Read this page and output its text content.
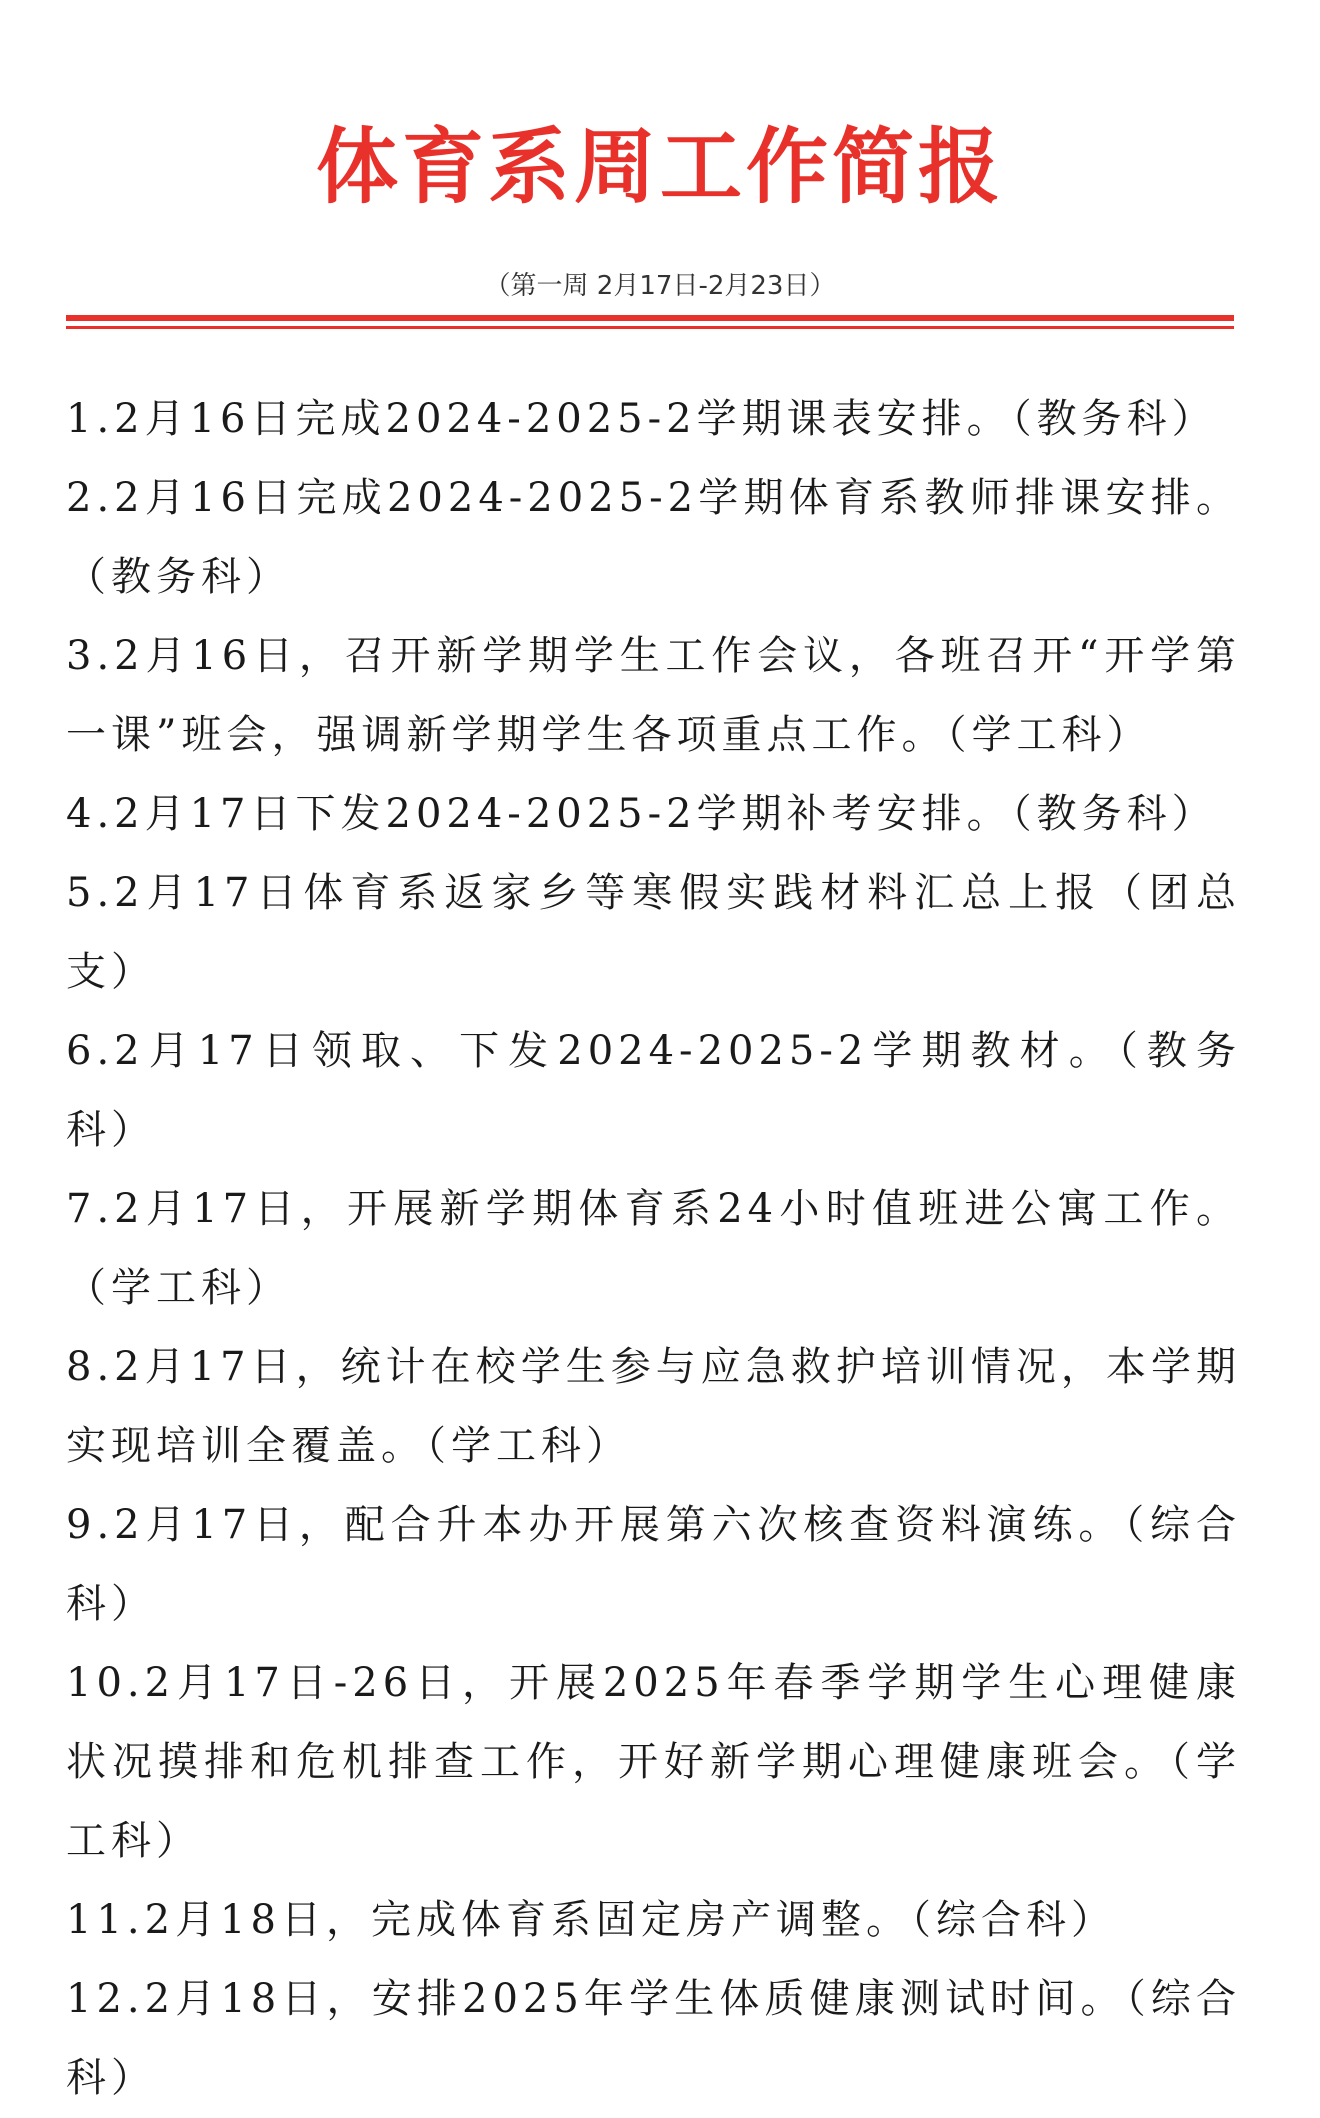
体育系周工作简报
（第一周 2月17日-2月23日）
1.2月16日完成2024-2025-2学期课表安排。（教务科）
2.2月16日完成2024-2025-2学期体育系教师排课安排。（教务科）
3.2月16日，召开新学期学生工作会议，各班召开“开学第一课”班会，强调新学期学生各项重点工作。（学工科）
4.2月17日下发2024-2025-2学期补考安排。（教务科）
5.2月17日体育系返家乡等寒假实践材料汇总上报（团总支）
6.2月17日领取、下发2024-2025-2学期教材。（教务科）
7.2月17日，开展新学期体育系24小时值班进公寓工作。（学工科）
8.2月17日，统计在校学生参与应急救护培训情况，本学期实现培训全覆盖。（学工科）
9.2月17日，配合升本办开展第六次核查资料演练。（综合科）
10.2月17日-26日，开展2025年春季学期学生心理健康状况摸排和危机排查工作，开好新学期心理健康班会。（学工科）
11.2月18日，完成体育系固定房产调整。（综合科）
12.2月18日，安排2025年学生体质健康测试时间。（综合科）
